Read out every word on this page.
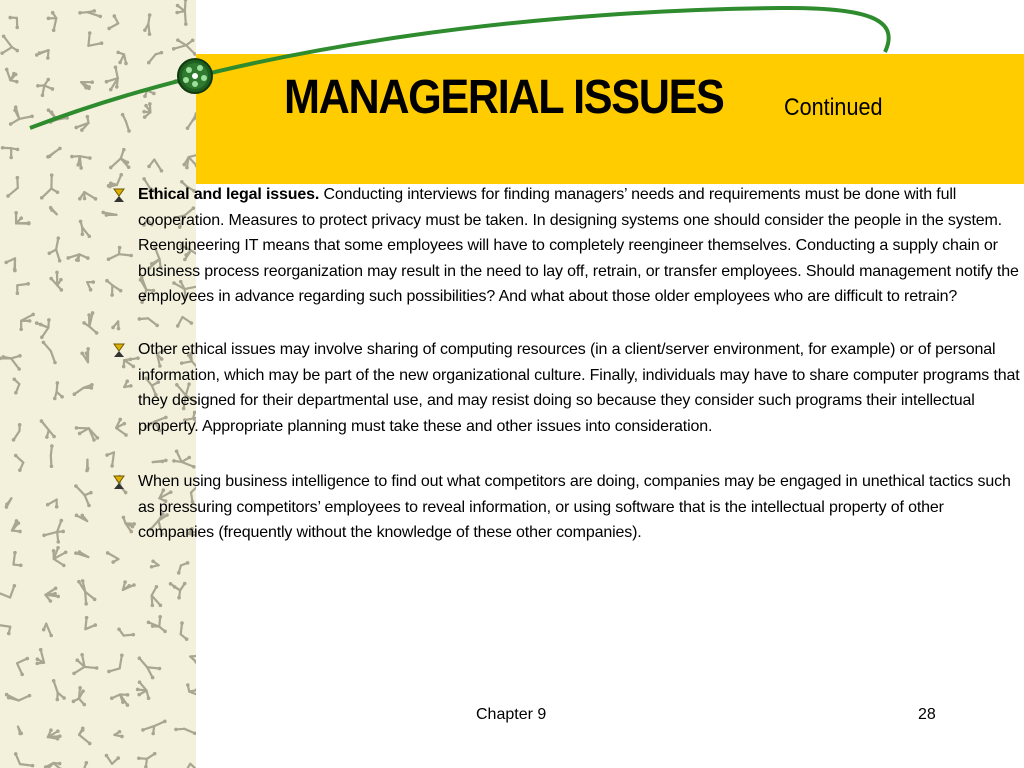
MANAGERIAL ISSUES	Continued
Ethical and legal issues. Conducting interviews for finding managers’ needs and requirements must be done with full cooperation. Measures to protect privacy must be taken. In designing systems one should consider the people in the system. Reengineering IT means that some employees will have to completely reengineer themselves. Conducting a supply chain or business process reorganization may result in the need to lay off, retrain, or transfer employees. Should management notify the employees in advance regarding such possibilities? And what about those older employees who are difficult to retrain?
Other ethical issues may involve sharing of computing resources (in a client/server environment, for example) or of personal information, which may be part of the new organizational culture. Finally, individuals may have to share computer programs that they designed for their departmental use, and may resist doing so because they consider such programs their intellectual property. Appropriate planning must take these and other issues into consideration.
When using business intelligence to find out what competitors are doing, companies may be engaged in unethical tactics such as pressuring competitors’ employees to reveal information, or using software that is the intellectual property of other companies (frequently without the knowledge of these other companies).
Chapter 9	28
